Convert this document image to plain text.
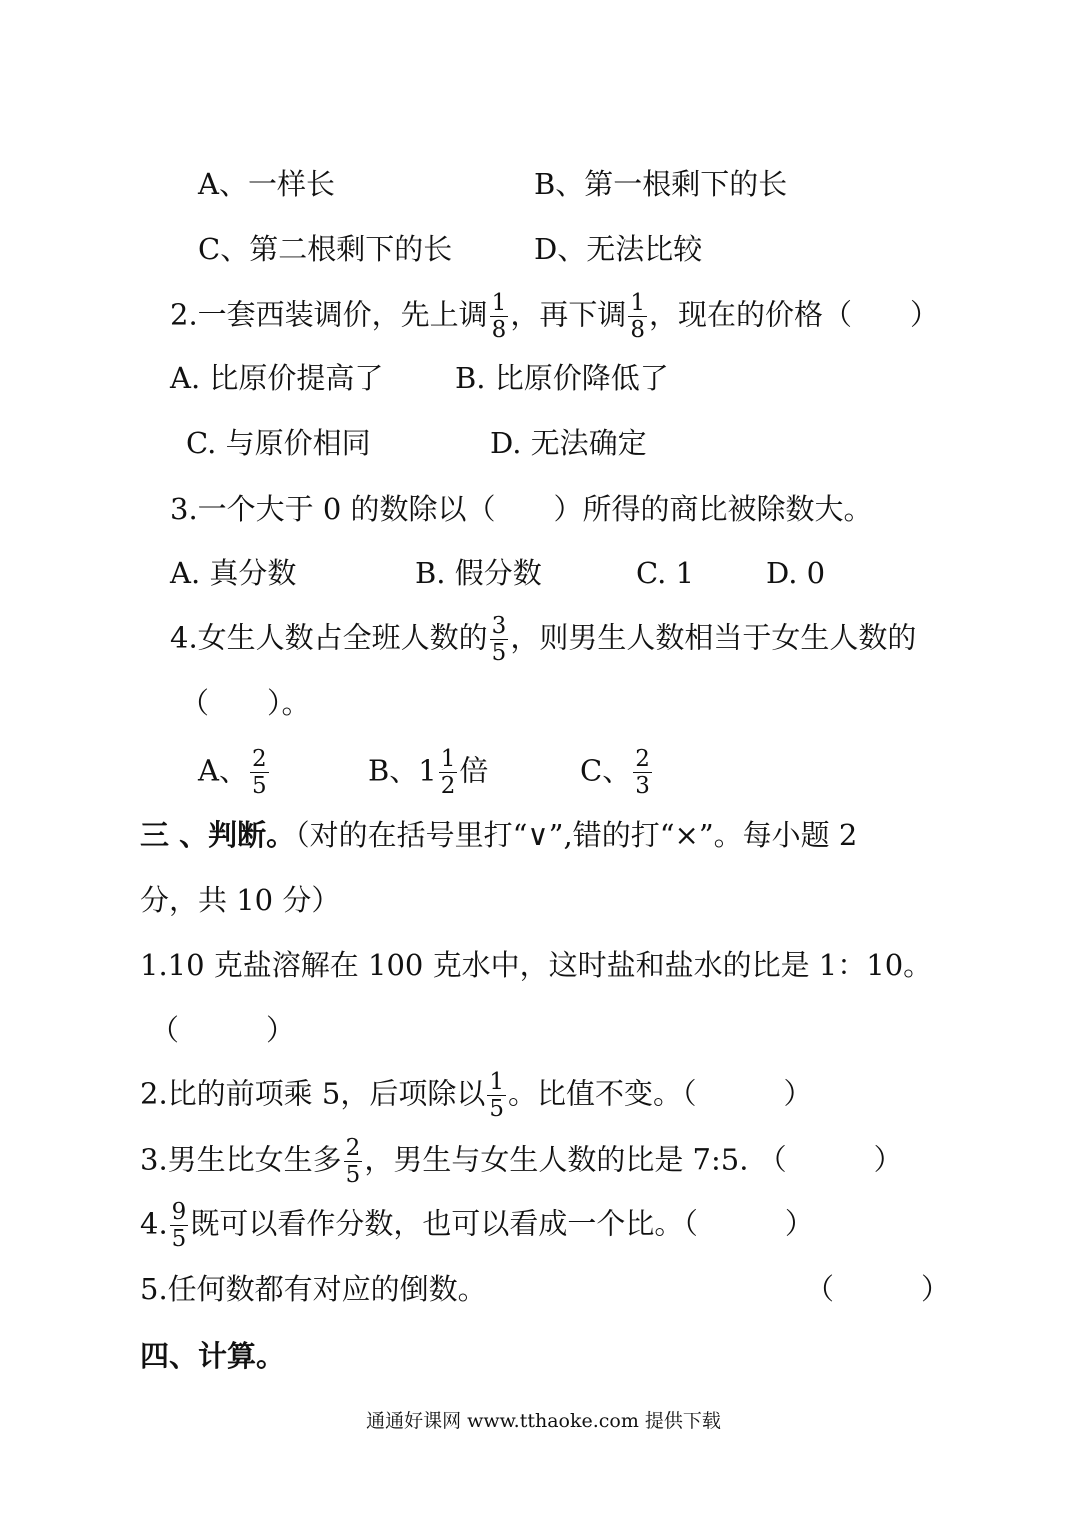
A、一样长	B、第一根剩下的长
C、第二根剩下的长	D、无法比较
2.一套西装调价，先上调 $\frac{1}{8}$ ，再下调 $\frac{1}{8}$ ，现在的价格（　　）
A. 比原价提高了 B. 比原价降低了
C. 与原价相同	D. 无法确定
3.一个大于 0 的数除以（　　）所得的商比被除数大。
A. 真分数	B. 假分数	C. 1 D. 0
4.女生人数占全班人数的 $\frac{3}{5}$ ，则男生人数相当于女生人数的
（　　）。
A、 $\frac{2}{5}$	B、$1 \frac{1}{2}$ 倍	C、 $\frac{2}{3}$
三 、判断。（对的在括号里打“∨”,错的打“×”。每小题 2
分，共 10 分）
1.10 克盐溶解在 100 克水中，这时盐和盐水的比是 1：10。
（　　　）
2.比的前项乘 5，后项除以 $\frac{1}{5}$ 。比值不变。（　　　）
3.男生比女生多 $\frac{2}{5}$ ，男生与女生人数的比是 7:5. （　　　）
4. $\frac{9}{5}$ 既可以看作分数，也可以看成一个比。（　　　）
5.任何数都有对应的倒数。	（　　　）
四、计算。
通通好课网 www.tthaoke.com 提供下载
